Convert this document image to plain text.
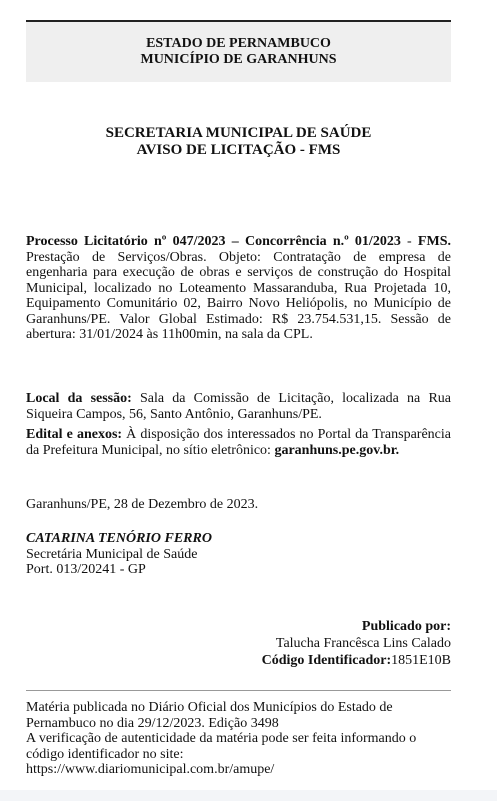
ESTADO DE PERNAMBUCO
MUNICÍPIO DE GARANHUNS
SECRETARIA MUNICIPAL DE SAÚDE
AVISO DE LICITAÇÃO - FMS
Processo Licitatório nº 047/2023 – Concorrência n.º 01/2023 - FMS. Prestação de Serviços/Obras. Objeto: Contratação de empresa de engenharia para execução de obras e serviços de construção do Hospital Municipal, localizado no Loteamento Massaranduba, Rua Projetada 10, Equipamento Comunitário 02, Bairro Novo Heliópolis, no Município de Garanhuns/PE. Valor Global Estimado: R$ 23.754.531,15. Sessão de abertura: 31/01/2024 às 11h00min, na sala da CPL.
Local da sessão: Sala da Comissão de Licitação, localizada na Rua Siqueira Campos, 56, Santo Antônio, Garanhuns/PE.
Edital e anexos: À disposição dos interessados no Portal da Transparência da Prefeitura Municipal, no sítio eletrônico: garanhuns.pe.gov.br.
Garanhuns/PE, 28 de Dezembro de 2023.
CATARINA TENÓRIO FERRO
Secretária Municipal de Saúde
Port. 013/20241 - GP
Publicado por:
Talucha Francêsca Lins Calado
Código Identificador:1851E10B
Matéria publicada no Diário Oficial dos Municípios do Estado de Pernambuco no dia 29/12/2023. Edição 3498
A verificação de autenticidade da matéria pode ser feita informando o código identificador no site:
https://www.diariomunicipal.com.br/amupe/
